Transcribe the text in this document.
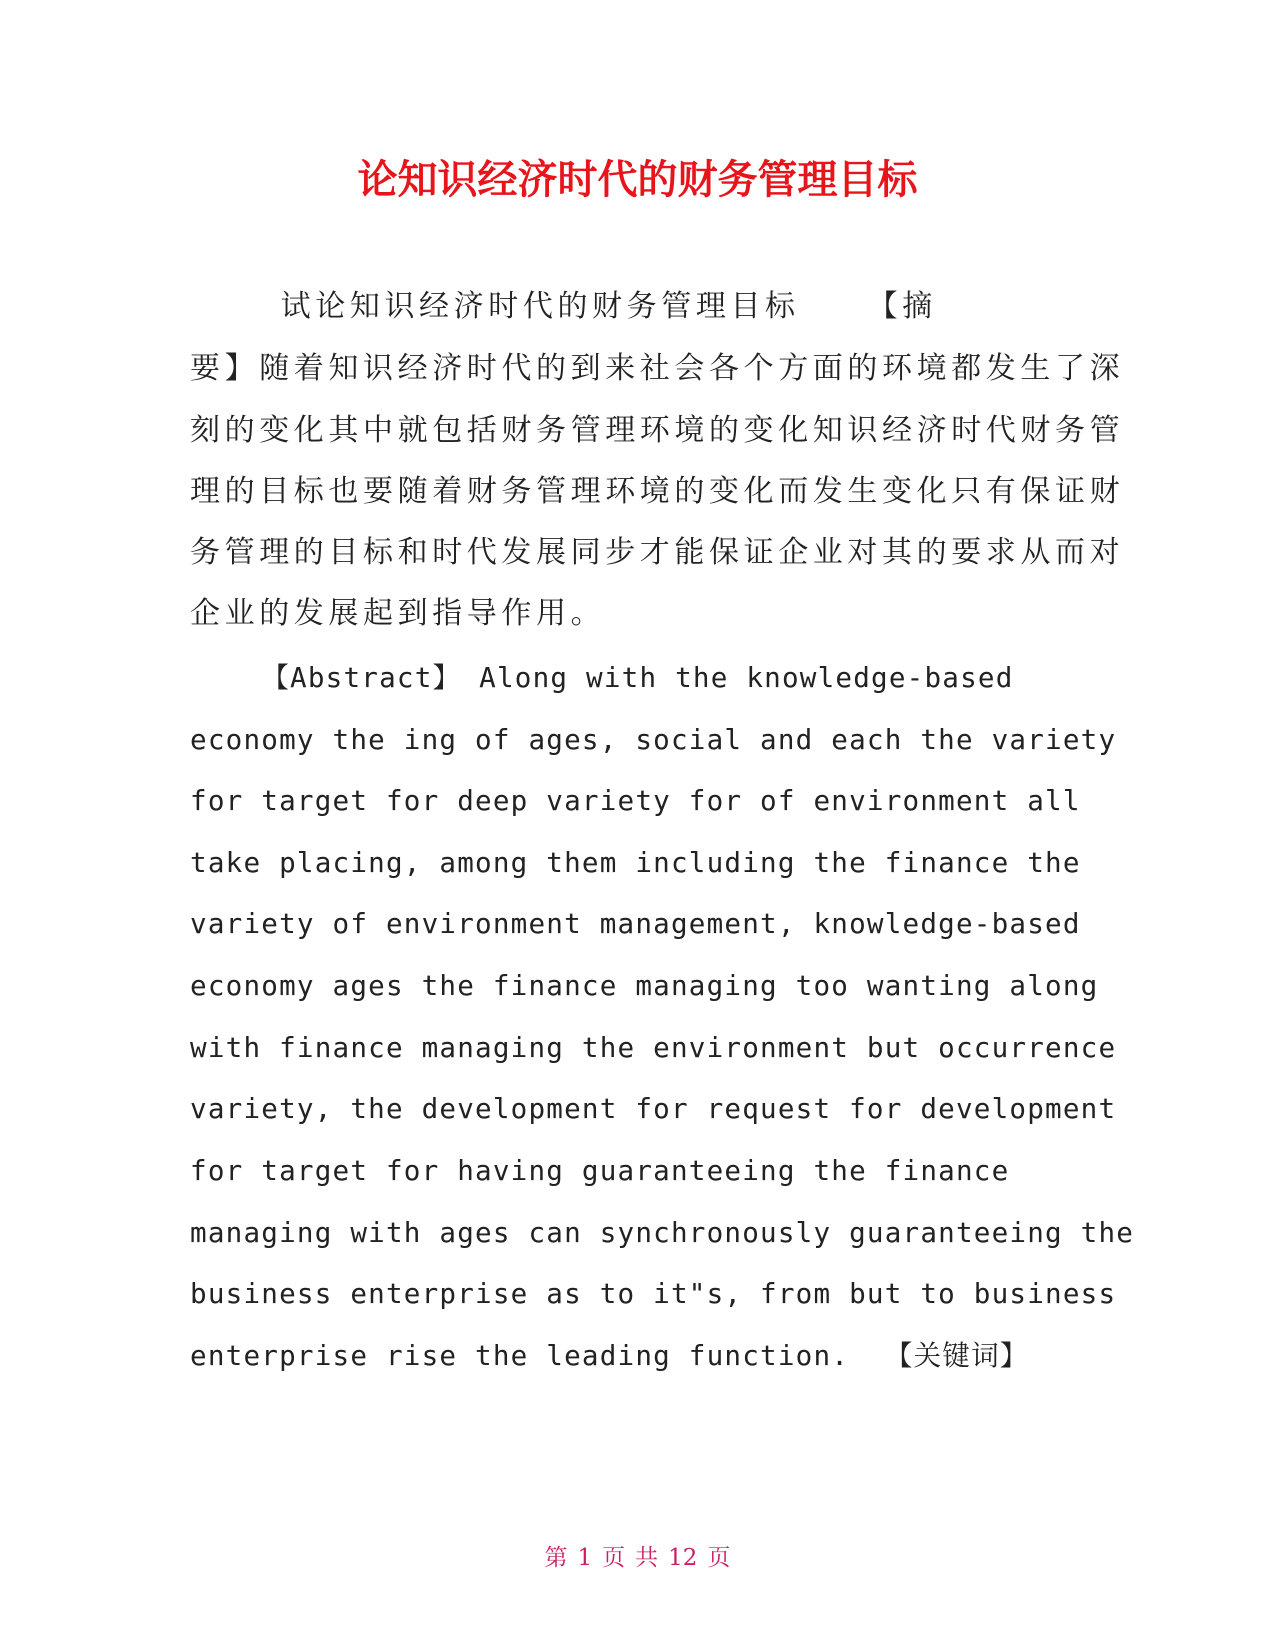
论知识经济时代的财务管理目标

试论知识经济时代的财务管理目标   【摘

要】随着知识经济时代的到来社会各个方面的环境都发生了深

刻的变化其中就包括财务管理环境的变化知识经济时代财务管

理的目标也要随着财务管理环境的变化而发生变化只有保证财

务管理的目标和时代发展同步才能保证企业对其的要求从而对

企业的发展起到指导作用。

【Abstract】 Along with the knowledge-based

economy the ing of ages, social and each the variety

for target for deep variety for of environment all

take placing, among them including the finance the

variety of environment management, knowledge-based

economy ages the finance managing too wanting along

with finance managing the environment but occurrence

variety, the development for request for development

for target for having guaranteeing the finance

managing with ages can synchronously guaranteeing the

business enterprise as to it"s, from but to business

enterprise rise the leading function.  【关键词】

第 1 页 共 12 页
